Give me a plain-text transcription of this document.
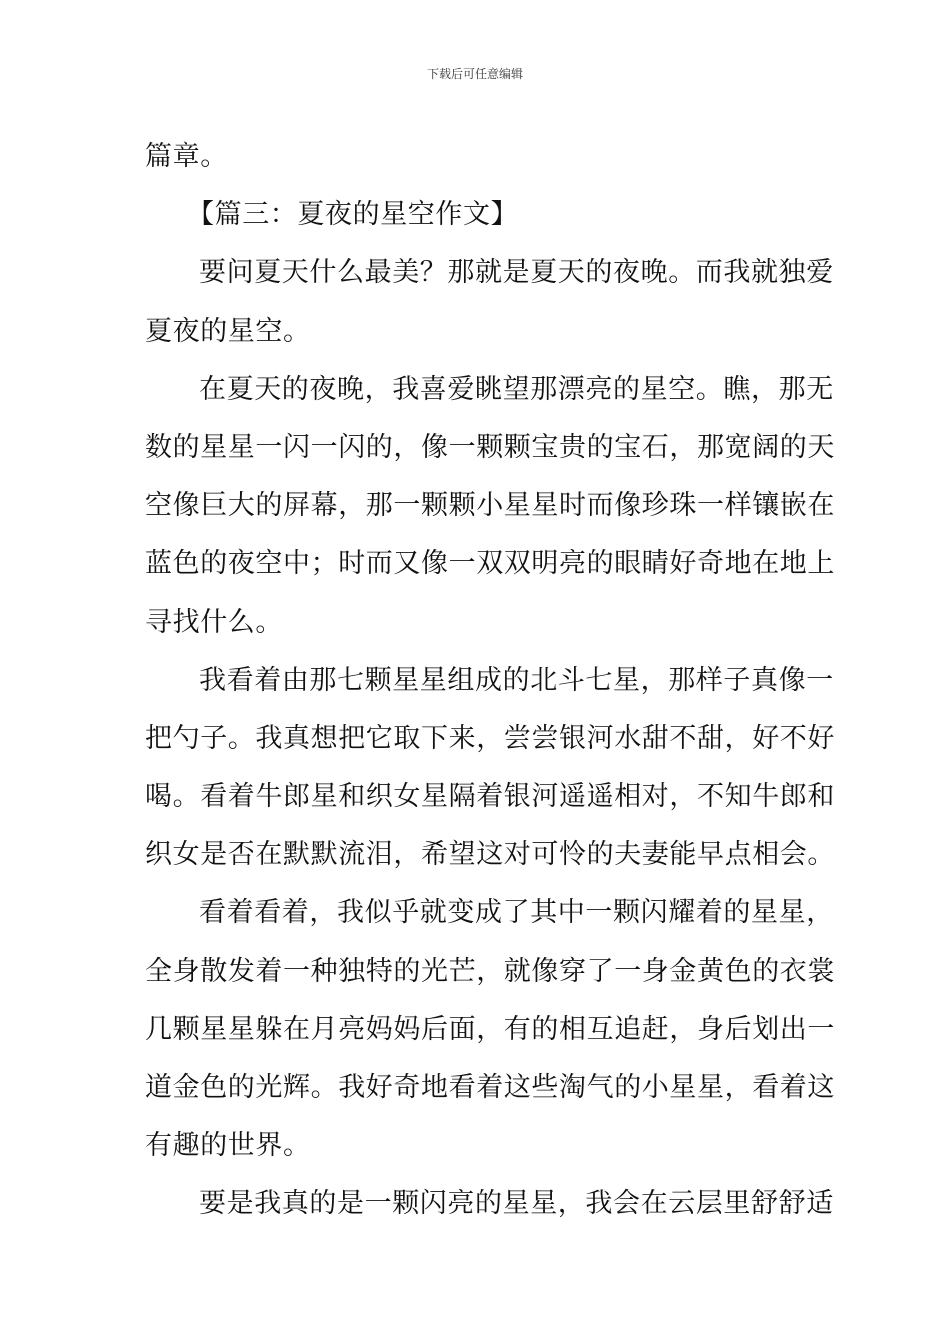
下载后可任意编辑
篇章。
【篇三：夏夜的星空作文】
要问夏天什么最美？那就是夏天的夜晚。而我就独爱
夏夜的星空。
在夏天的夜晚，我喜爱眺望那漂亮的星空。瞧，那无
数的星星一闪一闪的，像一颗颗宝贵的宝石，那宽阔的天
空像巨大的屏幕，那一颗颗小星星时而像珍珠一样镶嵌在
蓝色的夜空中；时而又像一双双明亮的眼睛好奇地在地上
寻找什么。
我看着由那七颗星星组成的北斗七星，那样子真像一
把勺子。我真想把它取下来，尝尝银河水甜不甜，好不好
喝。看着牛郎星和织女星隔着银河遥遥相对，不知牛郎和
织女是否在默默流泪，希望这对可怜的夫妻能早点相会。
看着看着，我似乎就变成了其中一颗闪耀着的星星，
全身散发着一种独特的光芒，就像穿了一身金黄色的衣裳
几颗星星躲在月亮妈妈后面，有的相互追赶，身后划出一
道金色的光辉。我好奇地看着这些淘气的小星星，看着这
有趣的世界。
要是我真的是一颗闪亮的星星，我会在云层里舒舒适
